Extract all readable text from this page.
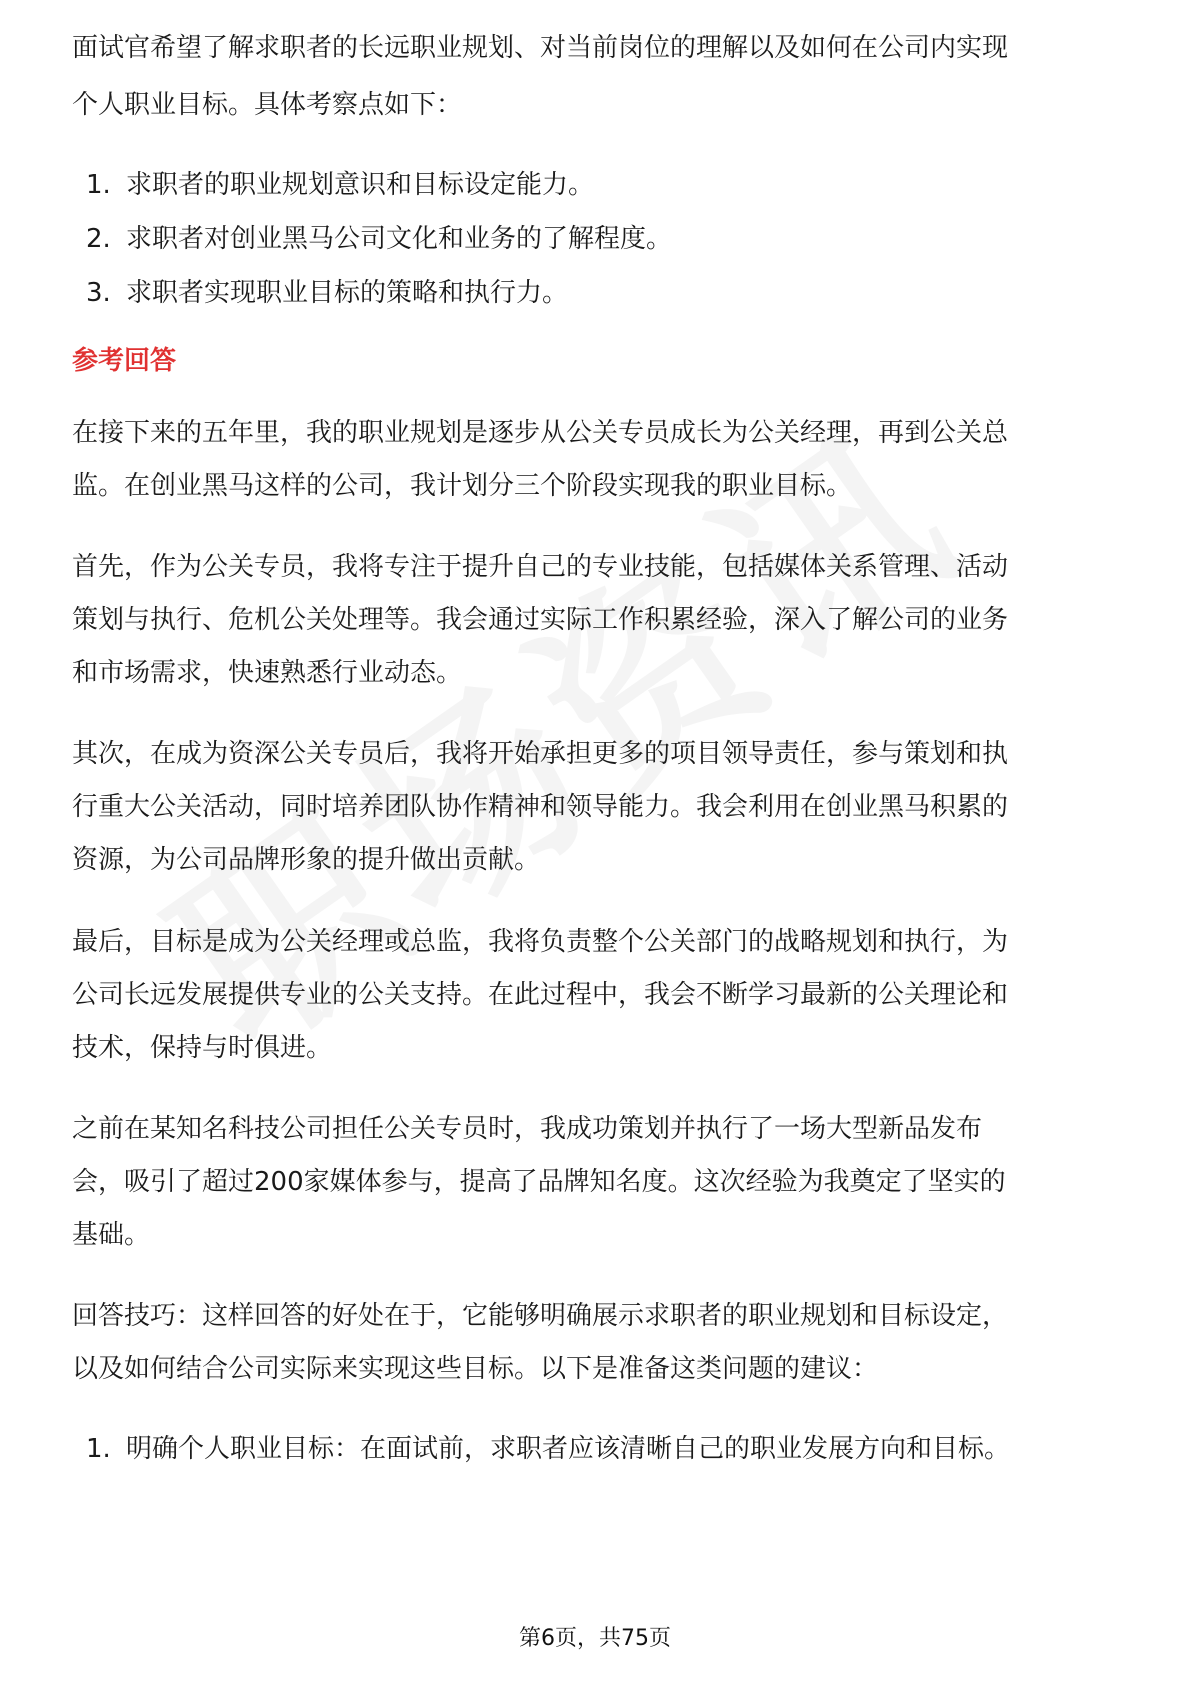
面试官希望了解求职者的长远职业规划、对当前岗位的理解以及如何在公司内实现
个人职业目标。具体考察点如下：
1. 求职者的职业规划意识和目标设定能力。
2. 求职者对创业黑马公司文化和业务的了解程度。
3. 求职者实现职业目标的策略和执行力。
参考回答
在接下来的五年里，我的职业规划是逐步从公关专员成长为公关经理，再到公关总
监。在创业黑马这样的公司，我计划分三个阶段实现我的职业目标。
首先，作为公关专员，我将专注于提升自己的专业技能，包括媒体关系管理、活动
策划与执行、危机公关处理等。我会通过实际工作积累经验，深入了解公司的业务
和市场需求，快速熟悉行业动态。
其次，在成为资深公关专员后，我将开始承担更多的项目领导责任，参与策划和执
行重大公关活动，同时培养团队协作精神和领导能力。我会利用在创业黑马积累的
资源，为公司品牌形象的提升做出贡献。
最后，目标是成为公关经理或总监，我将负责整个公关部门的战略规划和执行，为
公司长远发展提供专业的公关支持。在此过程中，我会不断学习最新的公关理论和
技术，保持与时俱进。
之前在某知名科技公司担任公关专员时，我成功策划并执行了一场大型新品发布
会，吸引了超过200家媒体参与，提高了品牌知名度。这次经验为我奠定了坚实的
基础。
回答技巧：这样回答的好处在于，它能够明确展示求职者的职业规划和目标设定，
以及如何结合公司实际来实现这些目标。以下是准备这类问题的建议：
1. 明确个人职业目标：在面试前，求职者应该清晰自己的职业发展方向和目标。
第6页，共75页
